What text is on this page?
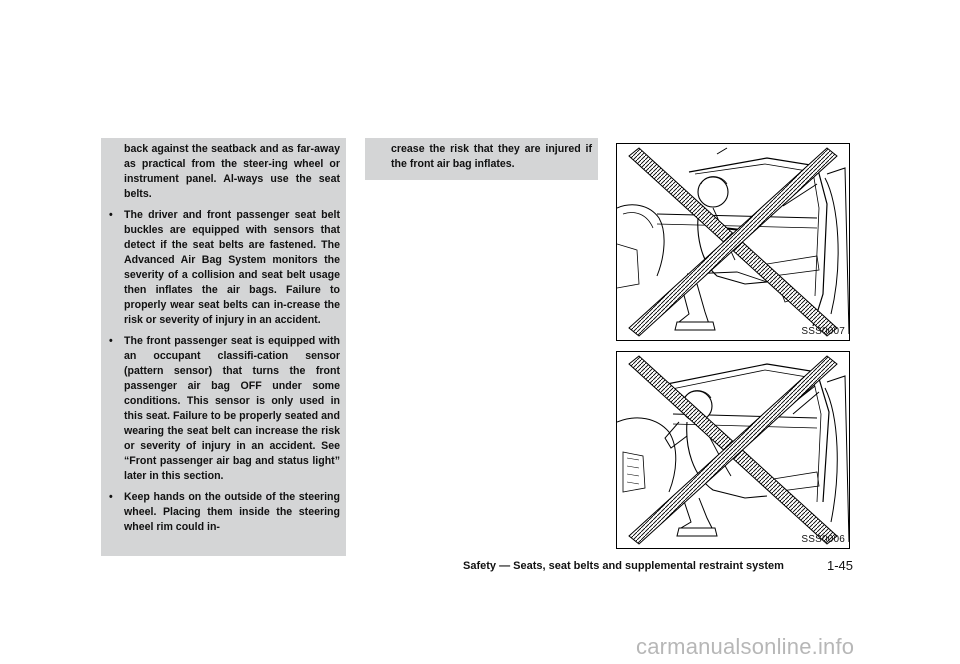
back against the seatback and as far-away as practical from the steer-ing wheel or instrument panel. Al-ways use the seat belts.
• The driver and front passenger seat belt buckles are equipped with sensors that detect if the seat belts are fastened. The Advanced Air Bag System monitors the severity of a collision and seat belt usage then inflates the air bags. Failure to properly wear seat belts can in-crease the risk or severity of injury in an accident.
• The front passenger seat is equipped with an occupant classifi-cation sensor (pattern sensor) that turns the front passenger air bag OFF under some conditions. This sensor is only used in this seat. Failure to be properly seated and wearing the seat belt can increase the risk or severity of injury in an accident. See “Front passenger air bag and status light” later in this section.
• Keep hands on the outside of the steering wheel. Placing them inside the steering wheel rim could in-
crease the risk that they are injured if the front air bag inflates.
SSS0007
SSS0006
Safety — Seats, seat belts and supplemental restraint system	1-45
carmanualsonline.info
